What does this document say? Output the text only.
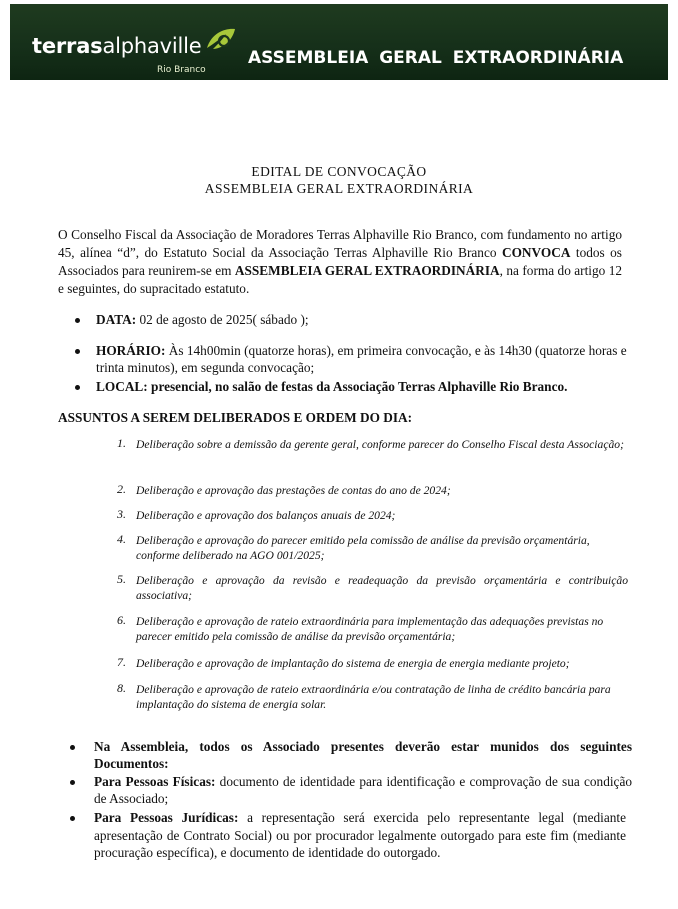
terrasalphaville
Rio Branco
ASSEMBLEIA GERAL EXTRAORDINÁRIA
EDITAL DE CONVOCAÇÃO
ASSEMBLEIA GERAL EXTRAORDINÁRIA
O Conselho Fiscal da Associação de Moradores Terras Alphaville Rio Branco, com fundamento no artigo 45, alínea “d”, do Estatuto Social da Associação Terras Alphaville Rio Branco CONVOCA todos os Associados para reunirem-se em ASSEMBLEIA GERAL EXTRAORDINÁRIA, na forma do artigo 12 e seguintes, do supracitado estatuto.
DATA: 02 de agosto de 2025( sábado );
HORÁRIO: Às 14h00min (quatorze horas), em primeira convocação, e às 14h30 (quatorze horas e trinta minutos), em segunda convocação;
LOCAL: presencial, no salão de festas da Associação Terras Alphaville Rio Branco.
ASSUNTOS A SEREM DELIBERADOS E ORDEM DO DIA:
1. Deliberação sobre a demissão da gerente geral, conforme parecer do Conselho Fiscal desta Associação;
2. Deliberação e aprovação das prestações de contas do ano de 2024;
3. Deliberação e aprovação dos balanços anuais de 2024;
4. Deliberação e aprovação do parecer emitido pela comissão de análise da previsão orçamentária, conforme deliberado na AGO 001/2025;
5. Deliberação e aprovação da revisão e readequação da previsão orçamentária e contribuição associativa;
6. Deliberação e aprovação de rateio extraordinária para implementação das adequações previstas no parecer emitido pela comissão de análise da previsão orçamentária;
7. Deliberação e aprovação de implantação do sistema de energia de energia mediante projeto;
8. Deliberação e aprovação de rateio extraordinária e/ou contratação de linha de crédito bancária para implantação do sistema de energia solar.
Na Assembleia, todos os Associado presentes deverão estar munidos dos seguintes Documentos:
Para Pessoas Físicas: documento de identidade para identificação e comprovação de sua condição de Associado;
Para Pessoas Jurídicas: a representação será exercida pelo representante legal (mediante apresentação de Contrato Social) ou por procurador legalmente outorgado para este fim (mediante procuração específica), e documento de identidade do outorgado.
